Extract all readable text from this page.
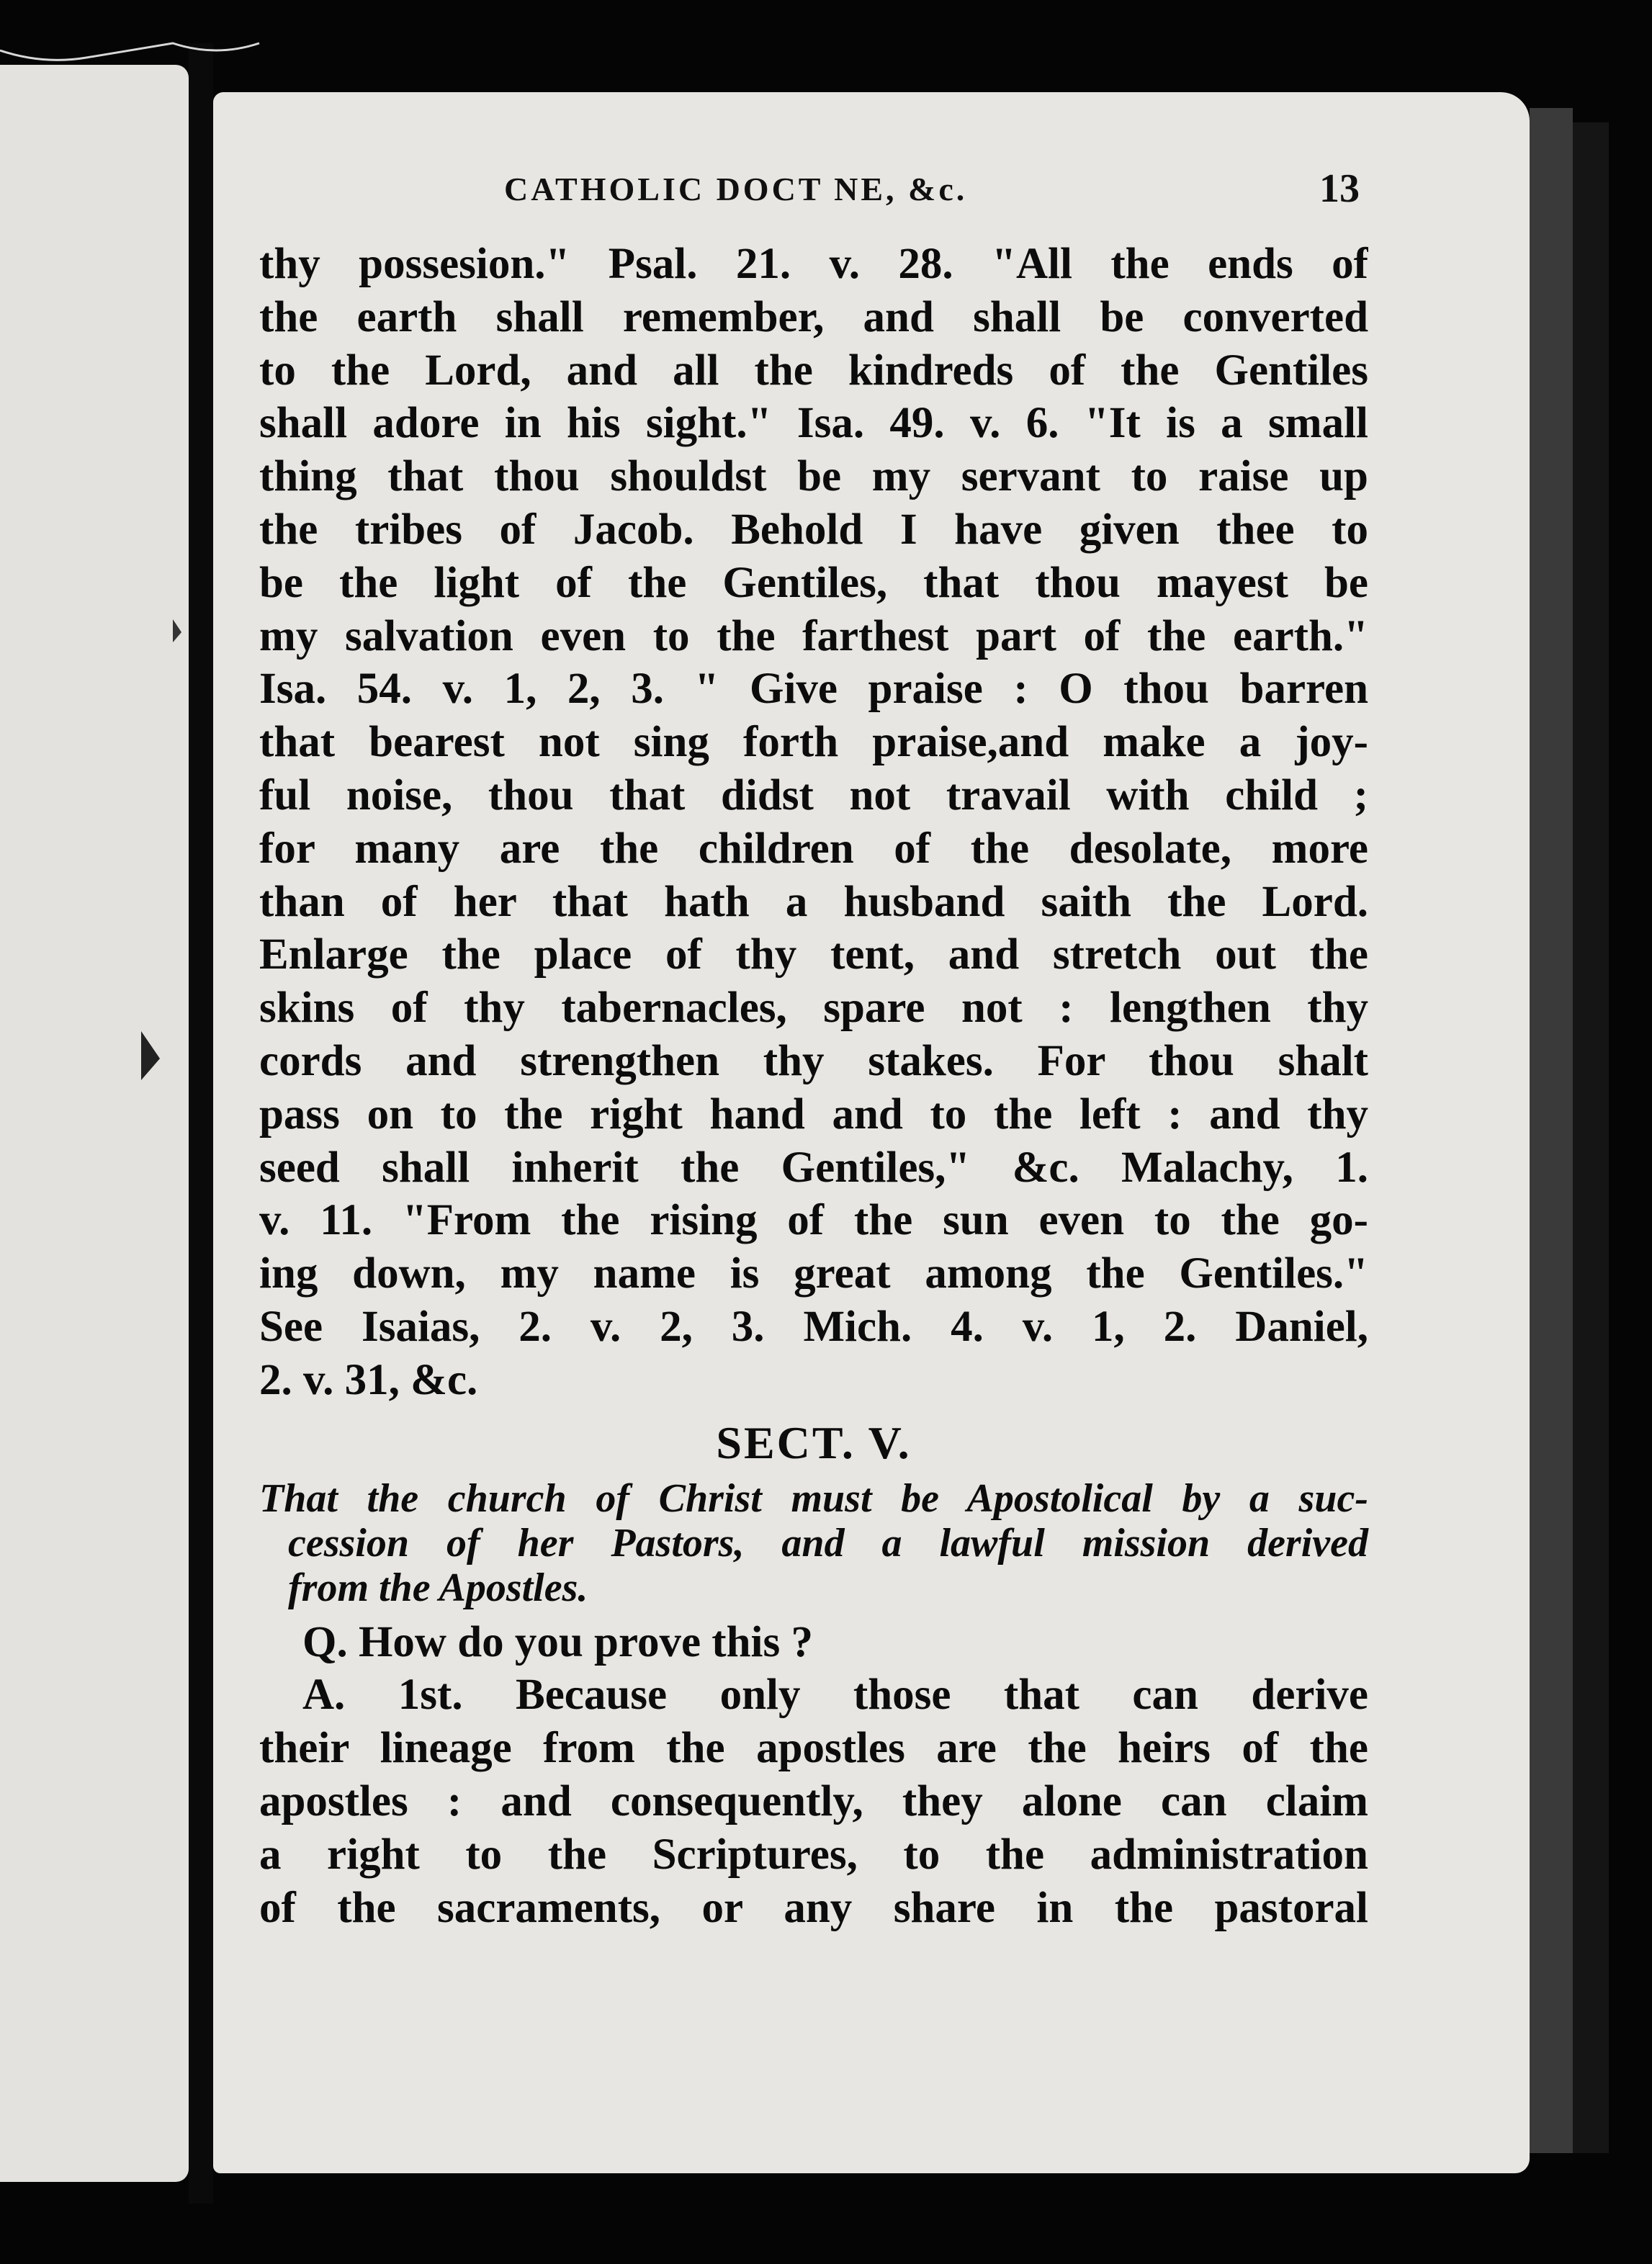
CATHOLIC DOCT NE, &c.	13
thy possesion." Psal. 21. v. 28. "All the ends of
the earth shall remember, and shall be converted
to the Lord, and all the kindreds of the Gentiles
shall adore in his sight." Isa. 49. v. 6. "It is a small
thing that thou shouldst be my servant to raise up
the tribes of Jacob. Behold I have given thee to
be the light of the Gentiles, that thou mayest be
my salvation even to the farthest part of the earth."
Isa. 54. v. 1, 2, 3. " Give praise : O thou barren
that bearest not sing forth praise,and make a joy-
ful noise, thou that didst not travail with child ;
for many are the children of the desolate, more
than of her that hath a husband saith the Lord.
Enlarge the place of thy tent, and stretch out the
skins of thy tabernacles, spare not : lengthen thy
cords and strengthen thy stakes. For thou shalt
pass on to the right hand and to the left : and thy
seed shall inherit the Gentiles," &c. Malachy, 1.
v. 11. "From the rising of the sun even to the go-
ing down, my name is great among the Gentiles."
See Isaias, 2. v. 2, 3. Mich. 4. v. 1, 2. Daniel,
2. v. 31, &c.
SECT. V.
That the church of Christ must be Apostolical by a suc-
cession of her Pastors, and a lawful mission derived
from the Apostles.
Q. How do you prove this ?
A. 1st. Because only those that can derive
their lineage from the apostles are the heirs of the
apostles : and consequently, they alone can claim
a right to the Scriptures, to the administration
of the sacraments, or any share in the pastoral
